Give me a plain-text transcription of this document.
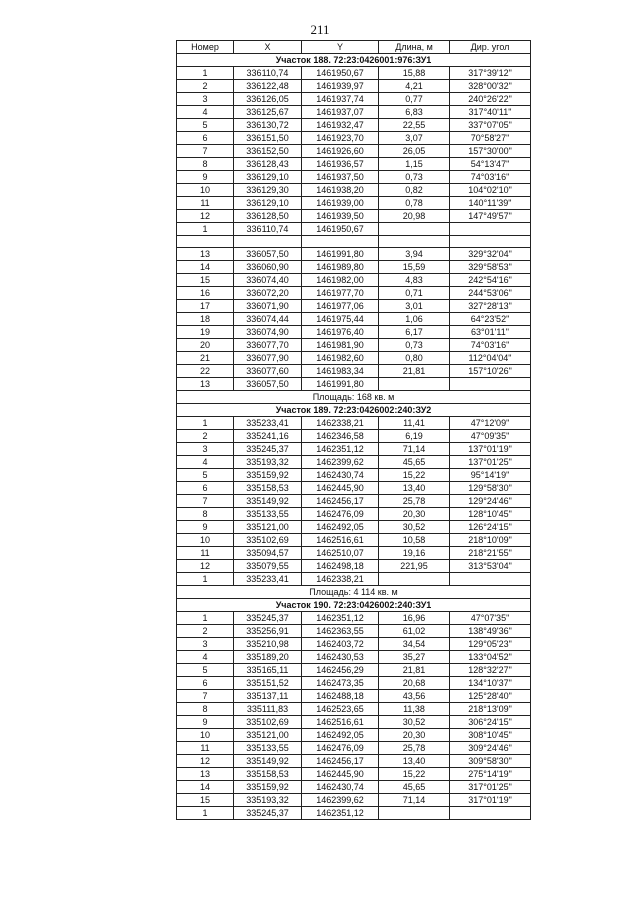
211
Номер	X	Y	Длина, м	Дир. угол
Участок 188. 72:23:0426001:976:ЗУ1				
1	336110,74	1461950,67	15,88	317°39'12"
2	336122,48	1461939,97	4,21	328°00'32"
3	336126,05	1461937,74	0,77	240°26'22"
4	336125,67	1461937,07	6,83	317°40'11"
5	336130,72	1461932,47	22,55	337°07'05"
6	336151,50	1461923,70	3,07	70°58'27"
7	336152,50	1461926,60	26,05	157°30'00"
8	336128,43	1461936,57	1,15	54°13'47"
9	336129,10	1461937,50	0,73	74°03'16"
10	336129,30	1461938,20	0,82	104°02'10"
11	336129,10	1461939,00	0,78	140°11'39"
12	336128,50	1461939,50	20,98	147°49'57"
1	336110,74	1461950,67		

13	336057,50	1461991,80	3,94	329°32'04"
14	336060,90	1461989,80	15,59	329°58'53"
15	336074,40	1461982,00	4,83	242°54'16"
16	336072,20	1461977,70	0,71	244°53'06"
17	336071,90	1461977,06	3,01	327°28'13"
18	336074,44	1461975,44	1,06	64°23'52"
19	336074,90	1461976,40	6,17	63°01'11"
20	336077,70	1461981,90	0,73	74°03'16"
21	336077,90	1461982,60	0,80	112°04'04"
22	336077,60	1461983,34	21,81	157°10'26"
13	336057,50	1461991,80		
Площадь: 168 кв. м				
Участок 189. 72:23:0426002:240:ЗУ2				
1	335233,41	1462338,21	11,41	47°12'09"
2	335241,16	1462346,58	6,19	47°09'35"
3	335245,37	1462351,12	71,14	137°01'19"
4	335193,32	1462399,62	45,65	137°01'25"
5	335159,92	1462430,74	15,22	95°14'19"
6	335158,53	1462445,90	13,40	129°58'30"
7	335149,92	1462456,17	25,78	129°24'46"
8	335133,55	1462476,09	20,30	128°10'45"
9	335121,00	1462492,05	30,52	126°24'15"
10	335102,69	1462516,61	10,58	218°10'09"
11	335094,57	1462510,07	19,16	218°21'55"
12	335079,55	1462498,18	221,95	313°53'04"
1	335233,41	1462338,21		
Площадь: 4 114 кв. м				
Участок 190. 72:23:0426002:240:ЗУ1				
1	335245,37	1462351,12	16,96	47°07'35"
2	335256,91	1462363,55	61,02	138°49'36"
3	335210,98	1462403,72	34,54	129°05'23"
4	335189,20	1462430,53	35,27	133°04'52"
5	335165,11	1462456,29	21,81	128°32'27"
6	335151,52	1462473,35	20,68	134°10'37"
7	335137,11	1462488,18	43,56	125°28'40"
8	335111,83	1462523,65	11,38	218°13'09"
9	335102,69	1462516,61	30,52	306°24'15"
10	335121,00	1462492,05	20,30	308°10'45"
11	335133,55	1462476,09	25,78	309°24'46"
12	335149,92	1462456,17	13,40	309°58'30"
13	335158,53	1462445,90	15,22	275°14'19"
14	335159,92	1462430,74	45,65	317°01'25"
15	335193,32	1462399,62	71,14	317°01'19"
1	335245,37	1462351,12		
